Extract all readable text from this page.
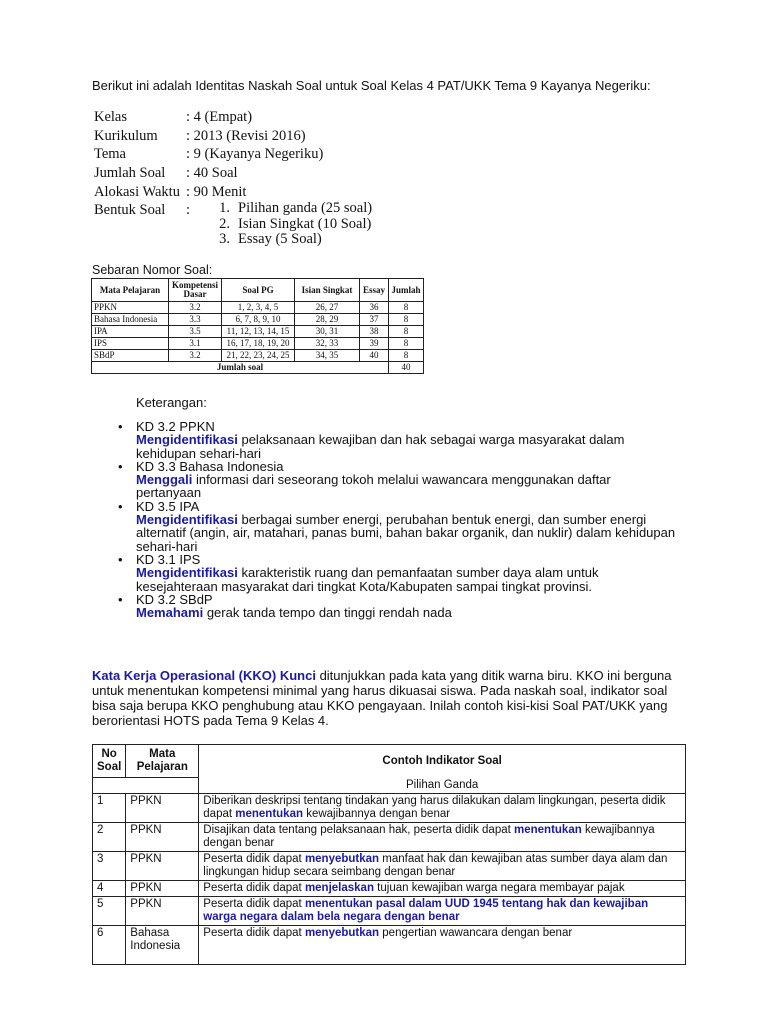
Berikut ini adalah Identitas Naskah Soal untuk Soal Kelas 4 PAT/UKK Tema 9 Kayanya Negeriku:
Kelas	: 4 (Empat)
Kurikulum	: 2013 (Revisi 2016)
Tema	: 9 (Kayanya Negeriku)
Jumlah Soal	: 40 Soal
Alokasi Waktu : 90 Menit
Bentuk Soal	:	1. Pilihan ganda (25 soal)
2. Isian Singkat (10 Soal)
3. Essay (5 Soal)
Sebaran Nomor Soal:
Mata Pelajaran	Kompetensi Dasar	Soal PG	Isian Singkat	Essay	Jumlah
PPKN	3.2	1, 2, 3, 4, 5	26, 27	36	8
Bahasa Indonesia	3.3	6, 7, 8, 9, 10	28, 29	37	8
IPA	3.5	11, 12, 13, 14, 15	30, 31	38	8
IPS	3.1	16, 17, 18, 19, 20	32, 33	39	8
SBdP	3.2	21, 22, 23, 24, 25	34, 35	40	8
Jumlah soal					40
Keterangan:
• KD 3.2 PPKN
Mengidentifikasi pelaksanaan kewajiban dan hak sebagai warga masyarakat dalam kehidupan sehari-hari
• KD 3.3 Bahasa Indonesia
Menggali informasi dari seseorang tokoh melalui wawancara menggunakan daftar pertanyaan
• KD 3.5 IPA
Mengidentifikasi berbagai sumber energi, perubahan bentuk energi, dan sumber energi alternatif (angin, air, matahari, panas bumi, bahan bakar organik, dan nuklir) dalam kehidupan sehari-hari
• KD 3.1 IPS
Mengidentifikasi karakteristik ruang dan pemanfaatan sumber daya alam untuk kesejahteraan masyarakat dari tingkat Kota/Kabupaten sampai tingkat provinsi.
• KD 3.2 SBdP
Memahami gerak tanda tempo dan tinggi rendah nada
Kata Kerja Operasional (KKO) Kunci ditunjukkan pada kata yang ditik warna biru. KKO ini berguna untuk menentukan kompetensi minimal yang harus dikuasai siswa. Pada naskah soal, indikator soal bisa saja berupa KKO penghubung atau KKO pengayaan. Inilah contoh kisi-kisi Soal PAT/UKK yang berorientasi HOTS pada Tema 9 Kelas 4.
No Soal	Mata Pelajaran	Contoh Indikator Soal
		Pilihan Ganda
1	PPKN	Diberikan deskripsi tentang tindakan yang harus dilakukan dalam lingkungan, peserta didik dapat menentukan kewajibannya dengan benar
2	PPKN	Disajikan data tentang pelaksanaan hak, peserta didik dapat menentukan kewajibannya dengan benar
3	PPKN	Peserta didik dapat menyebutkan manfaat hak dan kewajiban atas sumber daya alam dan lingkungan hidup secara seimbang dengan benar
4	PPKN	Peserta didik dapat menjelaskan tujuan kewajiban warga negara membayar pajak
5	PPKN	Peserta didik dapat menentukan pasal dalam UUD 1945 tentang hak dan kewajiban warga negara dalam bela negara dengan benar
6	Bahasa Indonesia	Peserta didik dapat menyebutkan pengertian wawancara dengan benar
